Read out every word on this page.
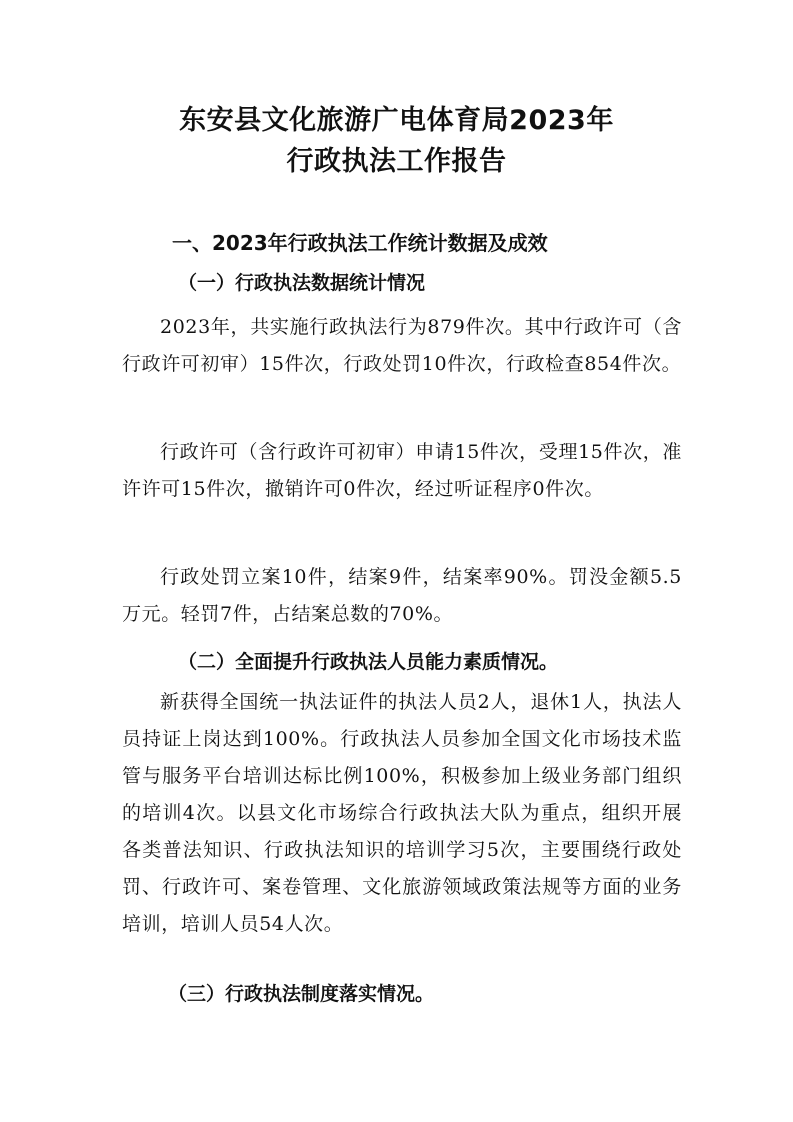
东安县文化旅游广电体育局2023年
行政执法工作报告
一、2023年行政执法工作统计数据及成效
（一）行政执法数据统计情况
2023年，共实施行政执法行为879件次。其中行政许可（含行政许可初审）15件次，行政处罚10件次，行政检查854件次。
行政许可（含行政许可初审）申请15件次，受理15件次，准许许可15件次，撤销许可0件次，经过听证程序0件次。
行政处罚立案10件，结案9件，结案率90%。罚没金额5.5万元。轻罚7件，占结案总数的70%。
（二）全面提升行政执法人员能力素质情况。
新获得全国统一执法证件的执法人员2人，退休1人，执法人员持证上岗达到100%。行政执法人员参加全国文化市场技术监管与服务平台培训达标比例100%，积极参加上级业务部门组织的培训4次。以县文化市场综合行政执法大队为重点，组织开展各类普法知识、行政执法知识的培训学习5次，主要围绕行政处罚、行政许可、案卷管理、文化旅游领域政策法规等方面的业务培训，培训人员54人次。
（三）行政执法制度落实情况。
